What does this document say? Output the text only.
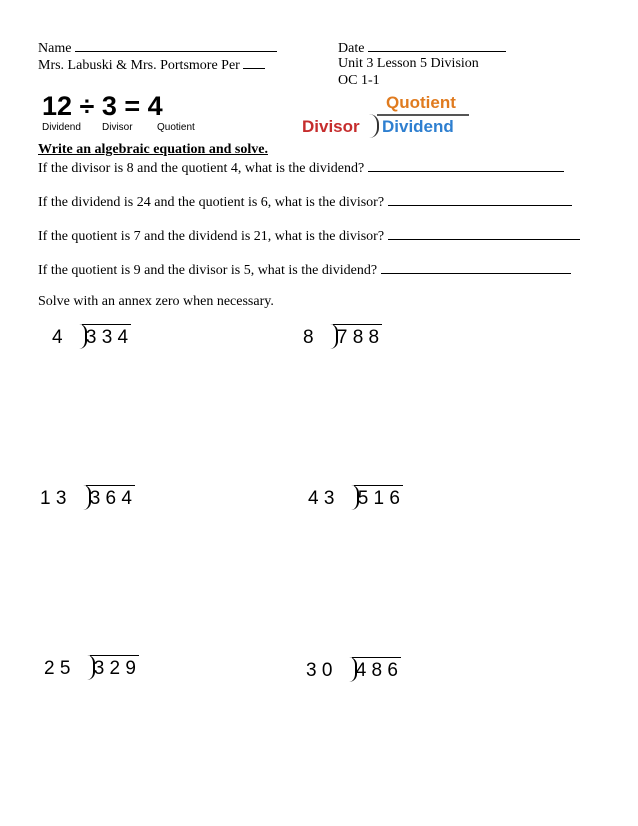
Name
Mrs. Labuski & Mrs. Portsmore Per
Date
Unit 3 Lesson 5 Division
OC 1-1
12 ÷ 3 = 4
Dividend Divisor Quotient
Quotient
Divisor Dividend
Write an algebraic equation and solve.
If the divisor is 8 and the quotient 4, what is the dividend?
If the dividend is 24 and the quotient is 6, what is the divisor?
If the quotient is 7 and the dividend is 21, what is the divisor?
If the quotient is 9 and the divisor is 5, what is the dividend?
Solve with an annex zero when necessary.
4 3 3 4	8 7 8 8
1 3 3 6 4	4 3 5 1 6
2 5 3 2 9	3 0 4 8 6
